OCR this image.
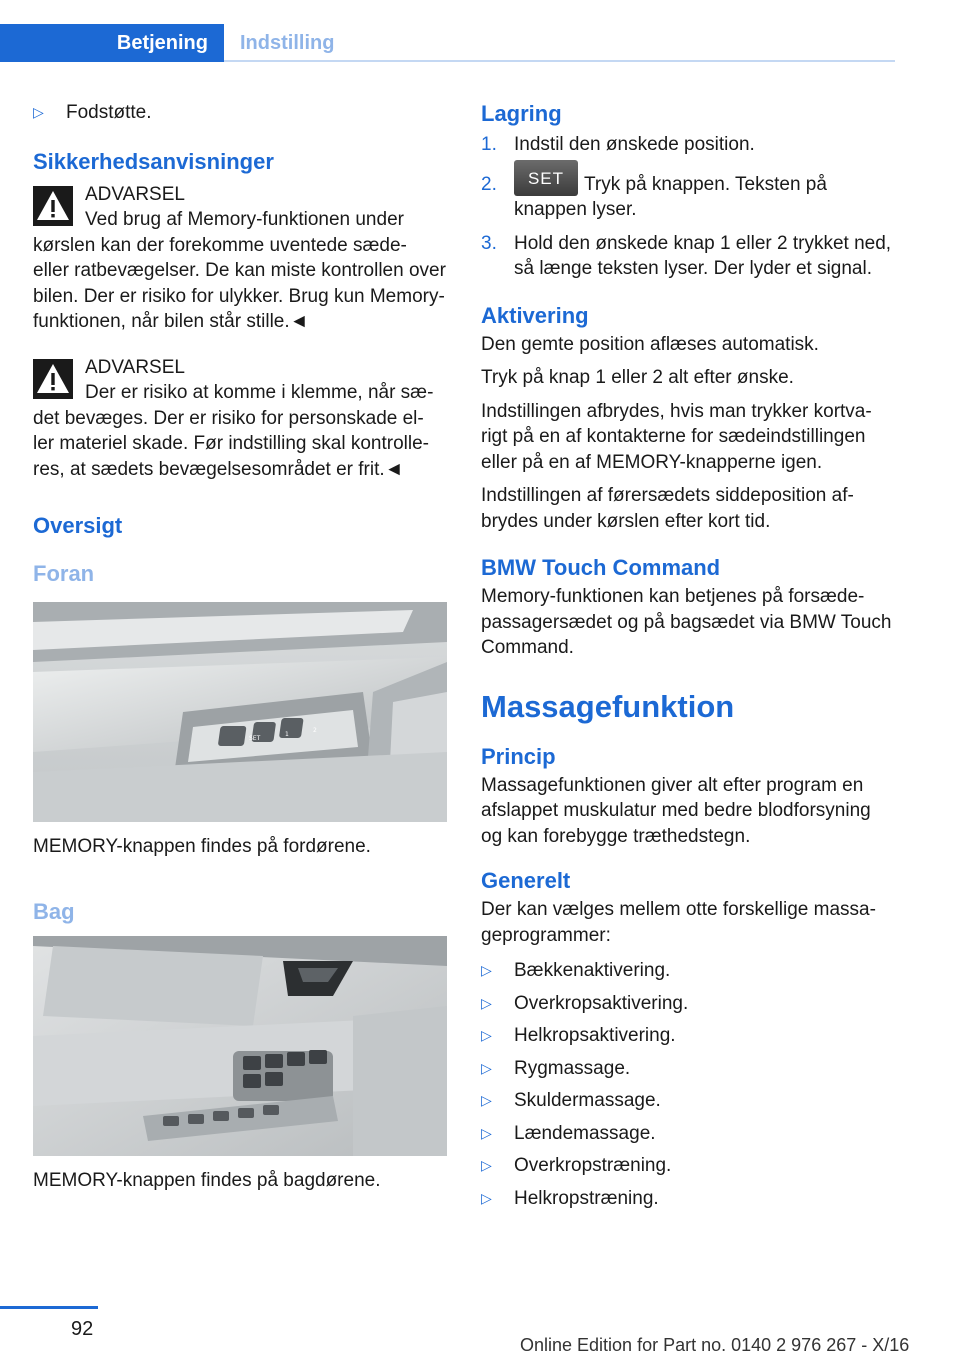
Betjening	Indstilling
▷	Fodstøtte.
Sikkerhedsanvisninger
ADVARSEL
Ved brug af Memory-funktionen under
kørslen kan der forekomme uventede sæde- eller ratbevægelser. De kan miste kontrollen over bilen. Der er risiko for ulykker. Brug kun Memory-funktionen, når bilen står stille.◄
ADVARSEL
Der er risiko at komme i klemme, når sæ-
det bevæges. Der er risiko for personskade el- ler materiel skade. Før indstilling skal kontrolle- res, at sædets bevægelsesområdet er frit.◄
Oversigt
Foran
SET
1
2
MEMORY-knappen findes på fordørene.
Bag
MEMORY-knappen findes på bagdørene.
Lagring
1. Indstil den ønskede position.
2.	SET Tryk på knappen. Teksten på knappen lyser.
3. Hold den ønskede knap 1 eller 2 trykket ned, så længe teksten lyser. Der lyder et signal.
Aktivering
Den gemte position aflæses automatisk.
Tryk på knap 1 eller 2 alt efter ønske.
Indstillingen afbrydes, hvis man trykker kortva- rigt på en af kontakterne for sædeindstillingen eller på en af MEMORY-knapperne igen.
Indstillingen af førersædets siddeposition af- brydes under kørslen efter kort tid.
BMW Touch Command
Memory-funktionen kan betjenes på forsæde- passagersædet og på bagsædet via BMW Touch Command.
Massagefunktion
Princip
Massagefunktionen giver alt efter program en afslappet muskulatur med bedre blodforsyning og kan forebygge træthedstegn.
Generelt
Der kan vælges mellem otte forskellige massa- geprogrammer:
▷	Bækkenaktivering.
▷	Overkropsaktivering.
▷	Helkropsaktivering.
▷	Rygmassage.
▷	Skuldermassage.
▷	Lændemassage.
▷	Overkropstræning.
▷	Helkropstræning.
92
Online Edition for Part no. 0140 2 976 267 - X/16
